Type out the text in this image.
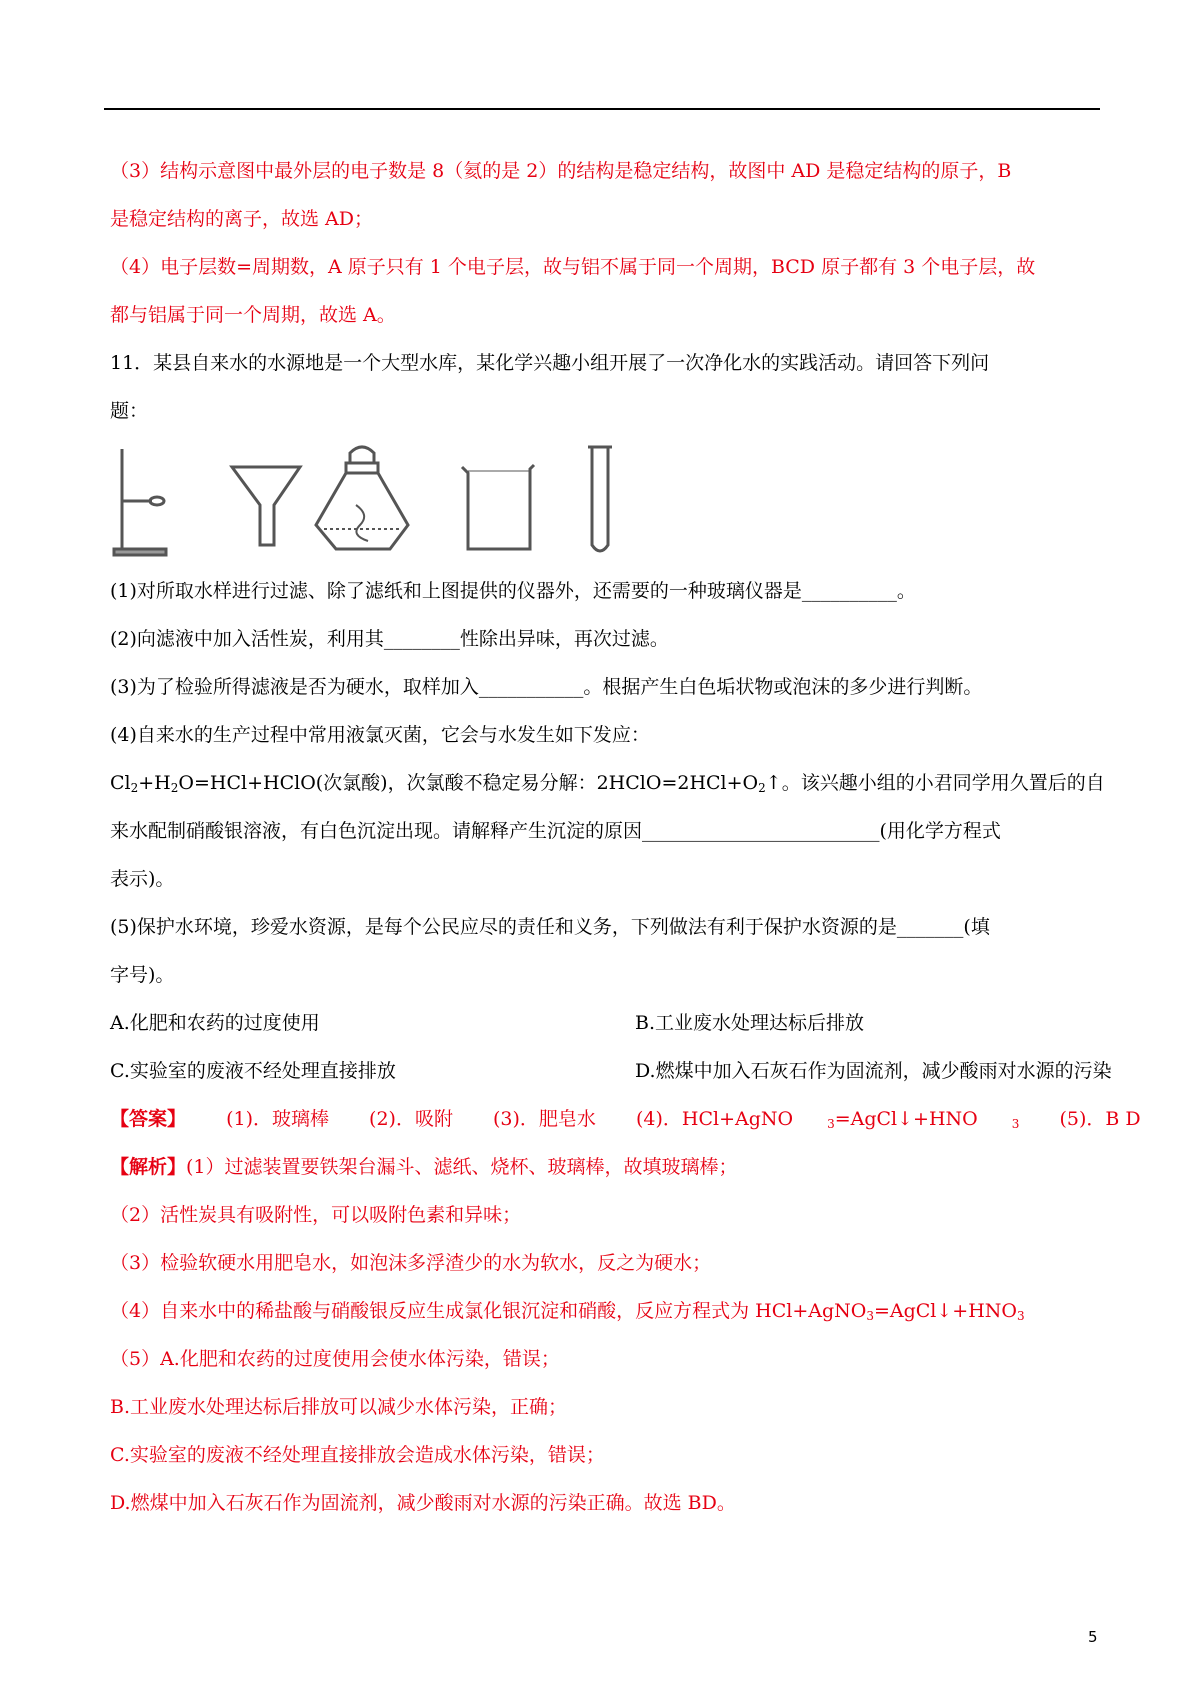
（3）结构示意图中最外层的电子数是 8（氦的是 2）的结构是稳定结构，故图中 AD 是稳定结构的原子，B
是稳定结构的离子，故选 AD；
（4）电子层数=周期数，A 原子只有 1 个电子层，故与铝不属于同一个周期，BCD 原子都有 3 个电子层，故
都与铝属于同一个周期，故选 A。
11．某县自来水的水源地是一个大型水库，某化学兴趣小组开展了一次净化水的实践活动。请回答下列问
题：
(1)对所取水样进行过滤、除了滤纸和上图提供的仪器外，还需要的一种玻璃仪器是__________。
(2)向滤液中加入活性炭，利用其________性除出异味，再次过滤。
(3)为了检验所得滤液是否为硬水，取样加入___________。根据产生白色垢状物或泡沫的多少进行判断。
(4)自来水的生产过程中常用液氯灭菌，它会与水发生如下发应：
$Cl_2+H_2O=HCl+HClO$(次氯酸)，次氯酸不稳定易分解：$2HClO=2HCl+O_2↑$。该兴趣小组的小君同学用久置后的自
来水配制硝酸银溶液，有白色沉淀出现。请解释产生沉淀的原因_________________________(用化学方程式
表示)。
(5)保护水环境，珍爱水资源，是每个公民应尽的责任和义务，下列做法有利于保护水资源的是_______(填
字号)。
A.化肥和农药的过度使用	B.工业废水处理达标后排放
C.实验室的废液不经处理直接排放	D.燃煤中加入石灰石作为固流剂，减少酸雨对水源的污染
【答案】 (1)．玻璃棒 (2)．吸附 (3)．肥皂水 (4)．HCl+AgNO	$_3$=AgCl↓+HNO	$_3$ (5)．B D
【解析】(1）过滤装置要铁架台漏斗、滤纸、烧杯、玻璃棒，故填玻璃棒；
（2）活性炭具有吸附性，可以吸附色素和异味；
（3）检验软硬水用肥皂水，如泡沫多浮渣少的水为软水，反之为硬水；
（4）自来水中的稀盐酸与硝酸银反应生成氯化银沉淀和硝酸，反应方程式为 $HCl+AgNO_3=AgCl↓+HNO_3$
（5）A.化肥和农药的过度使用会使水体污染，错误；
B.工业废水处理达标后排放可以减少水体污染，正确；
C.实验室的废液不经处理直接排放会造成水体污染，错误；
D.燃煤中加入石灰石作为固流剂，减少酸雨对水源的污染正确。故选 BD。
5
